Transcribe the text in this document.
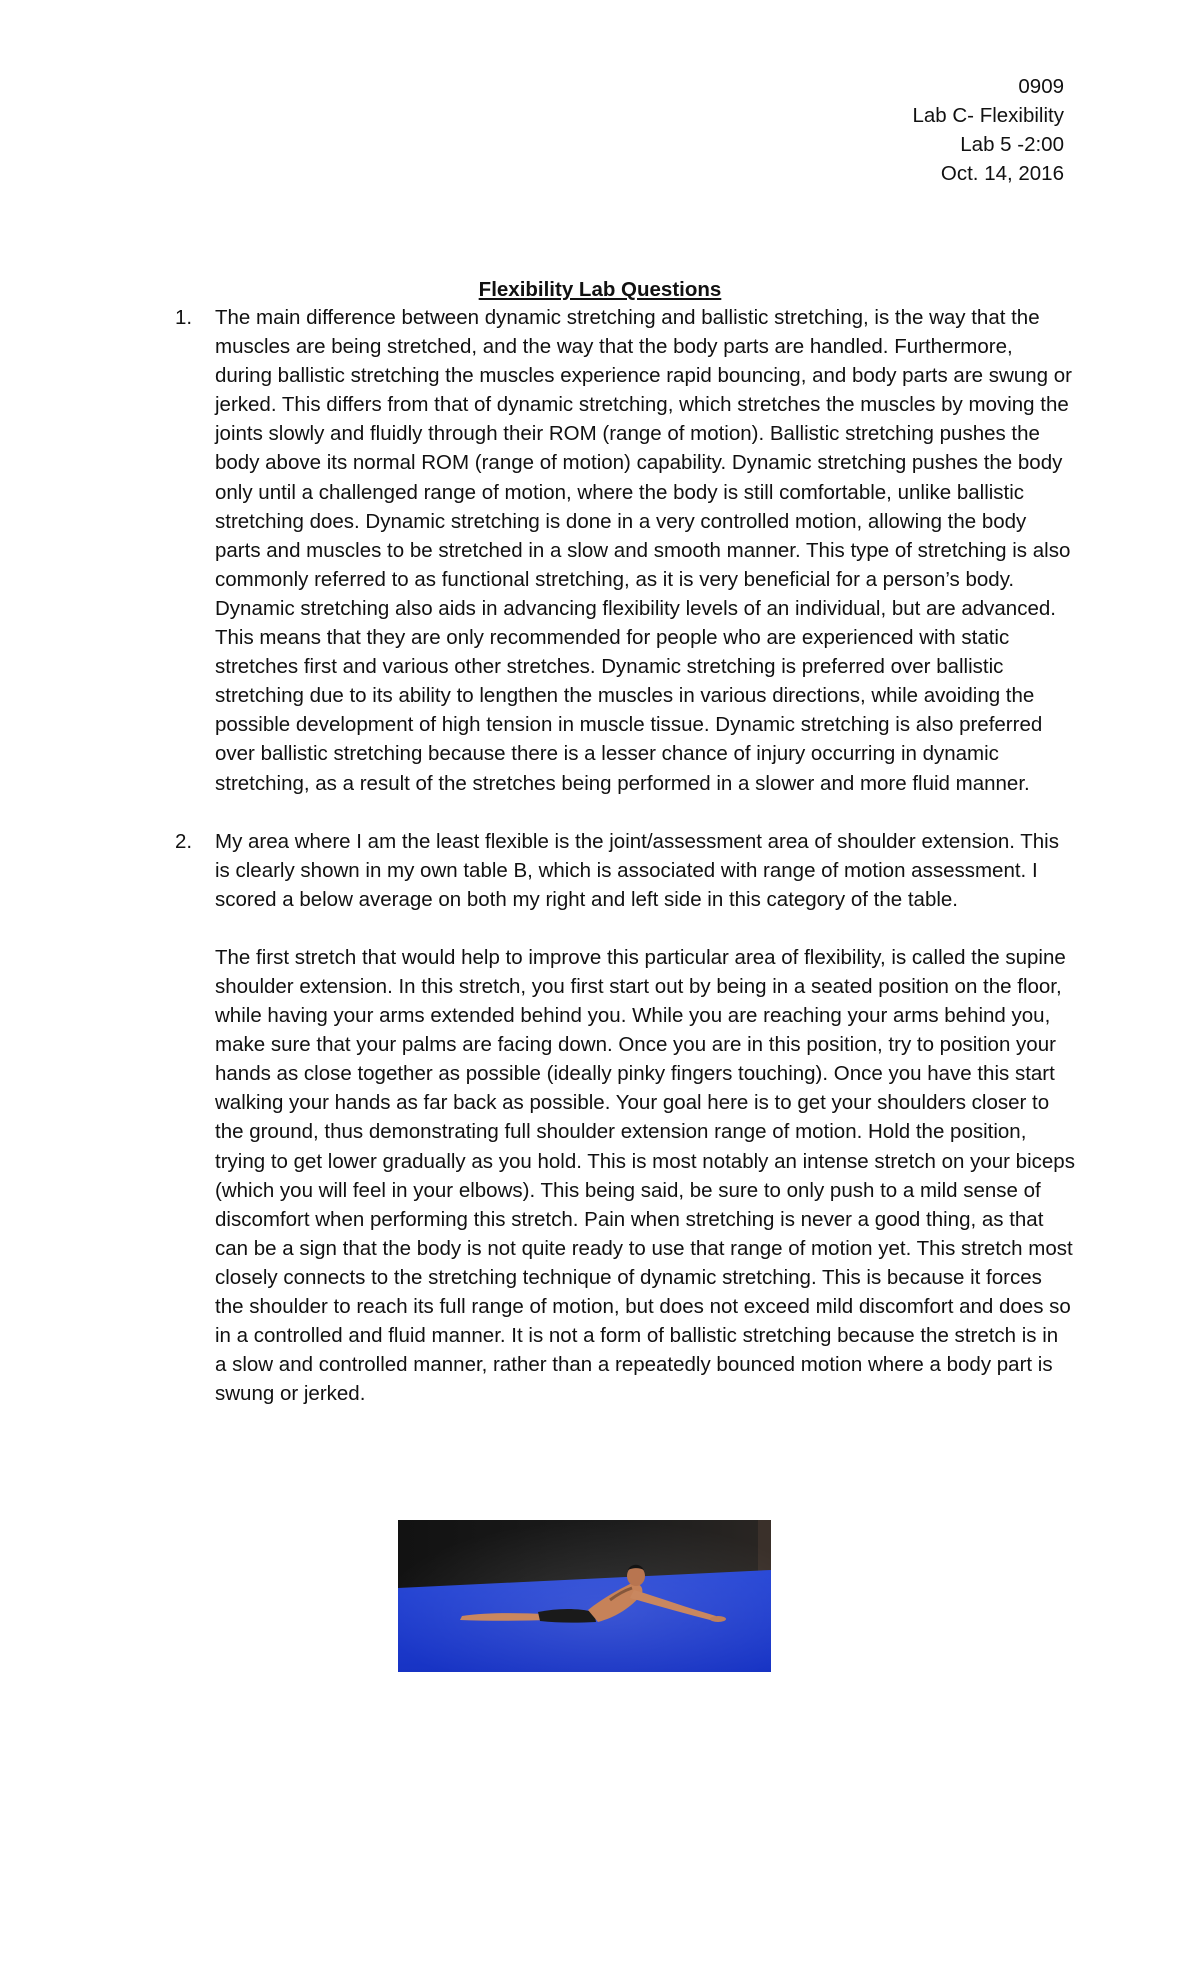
0909
Lab C- Flexibility
Lab 5 -2:00
Oct. 14, 2016
Flexibility Lab Questions
1. The main difference between dynamic stretching and ballistic stretching, is the way that the muscles are being stretched, and the way that the body parts are handled. Furthermore, during ballistic stretching the muscles experience rapid bouncing, and body parts are swung or jerked. This differs from that of dynamic stretching, which stretches the muscles by moving the joints slowly and fluidly through their ROM (range of motion). Ballistic stretching pushes the body above its normal ROM (range of motion) capability. Dynamic stretching pushes the body only until a challenged range of motion, where the body is still comfortable, unlike ballistic stretching does. Dynamic stretching is done in a very controlled motion, allowing the body parts and muscles to be stretched in a slow and smooth manner. This type of stretching is also commonly referred to as functional stretching, as it is very beneficial for a person’s body. Dynamic stretching also aids in advancing flexibility levels of an individual, but are advanced. This means that they are only recommended for people who are experienced with static stretches first and various other stretches. Dynamic stretching is preferred over ballistic stretching due to its ability to lengthen the muscles in various directions, while avoiding the possible development of high tension in muscle tissue. Dynamic stretching is also preferred over ballistic stretching because there is a lesser chance of injury occurring in dynamic stretching, as a result of the stretches being performed in a slower and more fluid manner.

2. My area where I am the least flexible is the joint/assessment area of shoulder extension. This is clearly shown in my own table B, which is associated with range of motion assessment. I scored a below average on both my right and left side in this category of the table.

The first stretch that would help to improve this particular area of flexibility, is called the supine shoulder extension. In this stretch, you first start out by being in a seated position on the floor, while having your arms extended behind you. While you are reaching your arms behind you, make sure that your palms are facing down. Once you are in this position, try to position your hands as close together as possible (ideally pinky fingers touching). Once you have this start walking your hands as far back as possible. Your goal here is to get your shoulders closer to the ground, thus demonstrating full shoulder extension range of motion. Hold the position, trying to get lower gradually as you hold. This is most notably an intense stretch on your biceps (which you will feel in your elbows). This being said, be sure to only push to a mild sense of discomfort when performing this stretch. Pain when stretching is never a good thing, as that can be a sign that the body is not quite ready to use that range of motion yet. This stretch most closely connects to the stretching technique of dynamic stretching. This is because it forces the shoulder to reach its full range of motion, but does not exceed mild discomfort and does so in a controlled and fluid manner. It is not a form of ballistic stretching because the stretch is in a slow and controlled manner, rather than a repeatedly bounced motion where a body part is swung or jerked.
